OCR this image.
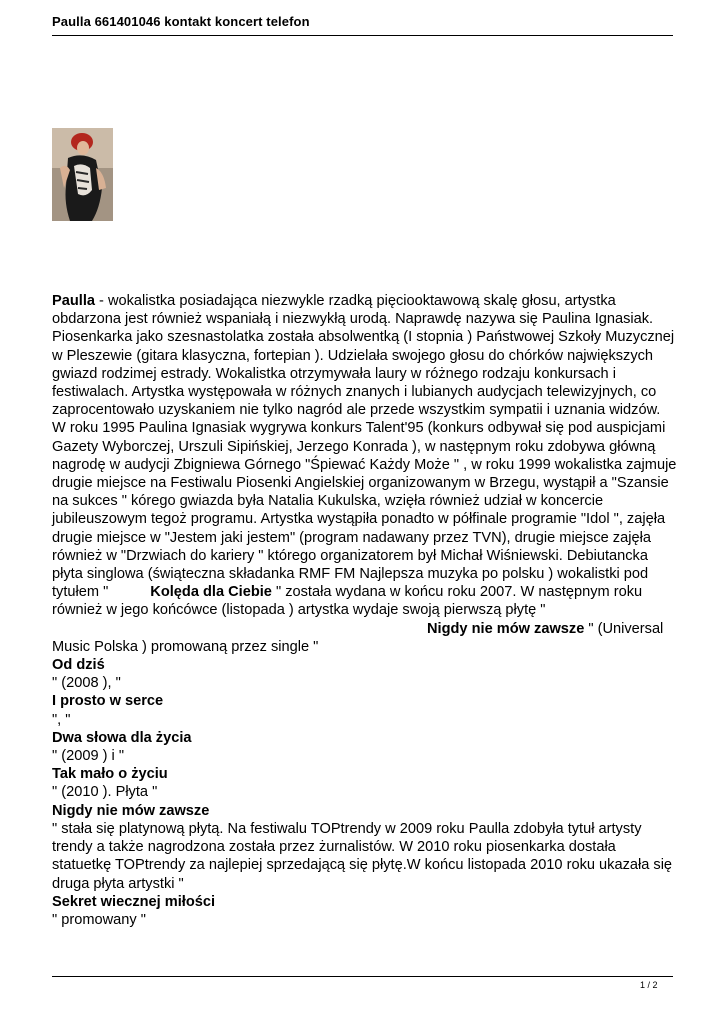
Paulla 661401046 kontakt koncert telefon

Paulla - wokalistka posiadająca niezwykle rzadką pięciooktawową skalę głosu, artystka obdarzona jest również wspaniałą i niezwykłą urodą. Naprawdę nazywa się Paulina Ignasiak. Piosenkarka jako szesnastolatka została absolwentką (I stopnia ) Państwowej Szkoły Muzycznej w Pleszewie (gitara klasyczna, fortepian ). Udzielała swojego głosu do chórków największych gwiazd rodzimej estrady. Wokalistka otrzymywała laury w różnego rodzaju konkursach i festiwalach. Artystka występowała w różnych znanych i lubianych audycjach telewizyjnych, co zaprocentowało uzyskaniem nie tylko nagród ale przede wszystkim sympatii i uznania widzów. W roku 1995 Paulina Ignasiak wygrywa konkurs Talent'95 (konkurs odbywał się pod auspicjami Gazety Wyborczej, Urszuli Sipińskiej, Jerzego Konrada ), w następnym roku zdobywa główną nagrodę w audycji Zbigniewa Górnego "Śpiewać Każdy Może " , w roku 1999 wokalistka zajmuje drugie miejsce na Festiwalu Piosenki Angielskiej organizowanym w Brzegu, wystąpił a "Szansie na sukces " kórego gwiazda była Natalia Kukulska, wzięła również udział w koncercie jubileuszowym tegoż programu. Artystka wystąpiła ponadto w półfinale programie "Idol ", zajęła drugie miejsce w "Jestem jaki jestem" (program nadawany przez TVN), drugie miejsce zajęła również w "Drzwiach do kariery " którego organizatorem był Michał Wiśniewski. Debiutancka płyta singlowa (świąteczna składanka RMF FM Najlepsza muzyka po polsku ) wokalistki pod tytułem "	Kolęda dla Ciebie " została wydana w końcu roku 2007. W następnym roku również w jego końcówce (listopada ) artystka wydaje swoją pierwszą płytę "Nigdy nie mów zawsze " (Universal Music Polska ) promowaną przez single "

Od dziś

" (2008 ), "

I prosto w serce

", "

Dwa słowa dla życia

" (2009 ) i "

Tak mało o życiu

" (2010 ). Płyta "

Nigdy nie mów zawsze

" stała się platynową płytą. Na festiwalu TOPtrendy w 2009 roku Paulla zdobyła tytuł artysty trendy a także nagrodzona została przez żurnalistów. W 2010 roku piosenkarka dostała statuetkę TOPtrendy za najlepiej sprzedającą się płytę.W końcu listopada 2010 roku ukazała się druga płyta artystki "

Sekret wiecznej miłości

" promowany "

1 / 2
